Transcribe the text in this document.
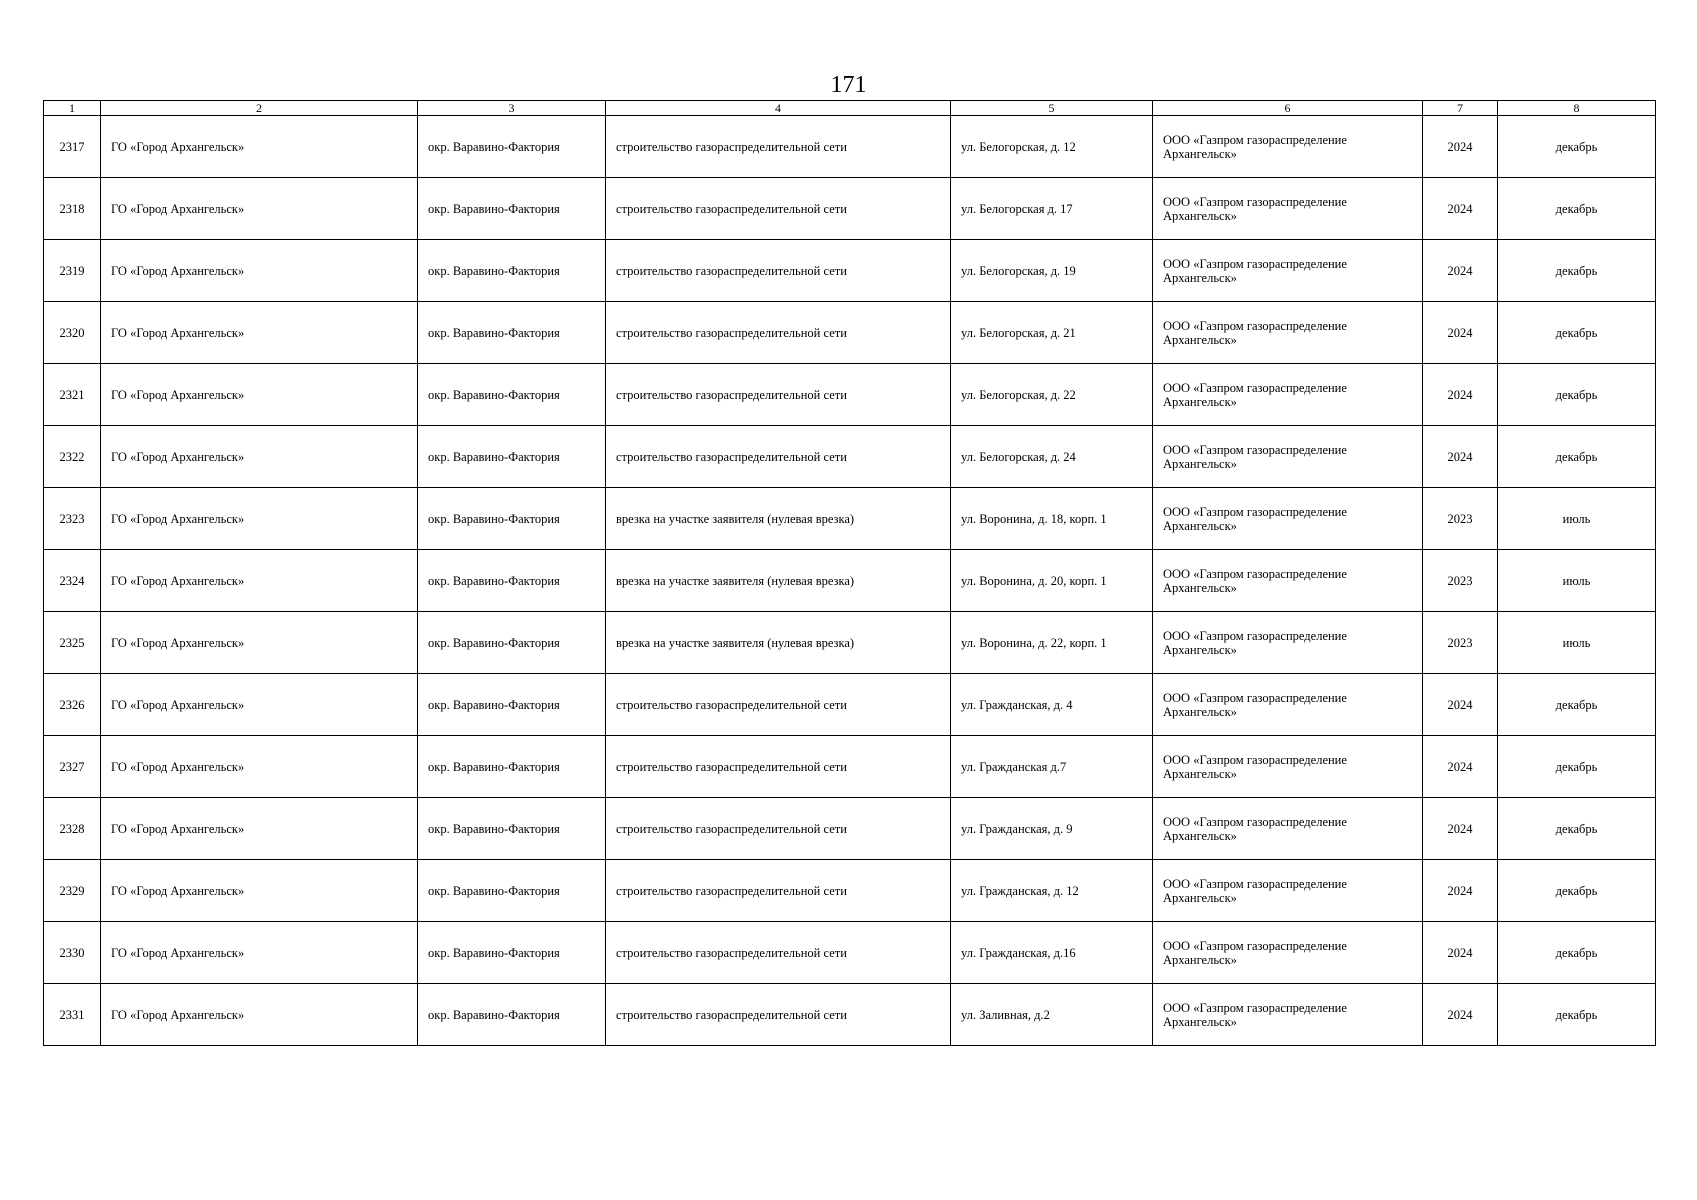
171
1	2	3	4	5	6	7	8
2317	ГО «Город Архангельск»	окр. Варавино-Фактория	строительство газораспределительной сети	ул. Белогорская, д. 12	ООО «Газпром газораспределение Архангельск»	2024	декабрь
2318	ГО «Город Архангельск»	окр. Варавино-Фактория	строительство газораспределительной сети	ул. Белогорская д. 17	ООО «Газпром газораспределение Архангельск»	2024	декабрь
2319	ГО «Город Архангельск»	окр. Варавино-Фактория	строительство газораспределительной сети	ул. Белогорская, д. 19	ООО «Газпром газораспределение Архангельск»	2024	декабрь
2320	ГО «Город Архангельск»	окр. Варавино-Фактория	строительство газораспределительной сети	ул. Белогорская, д. 21	ООО «Газпром газораспределение Архангельск»	2024	декабрь
2321	ГО «Город Архангельск»	окр. Варавино-Фактория	строительство газораспределительной сети	ул. Белогорская, д. 22	ООО «Газпром газораспределение Архангельск»	2024	декабрь
2322	ГО «Город Архангельск»	окр. Варавино-Фактория	строительство газораспределительной сети	ул. Белогорская, д. 24	ООО «Газпром газораспределение Архангельск»	2024	декабрь
2323	ГО «Город Архангельск»	окр. Варавино-Фактория	врезка на участке заявителя (нулевая врезка)	ул. Воронина, д. 18, корп. 1	ООО «Газпром газораспределение Архангельск»	2023	июль
2324	ГО «Город Архангельск»	окр. Варавино-Фактория	врезка на участке заявителя (нулевая врезка)	ул. Воронина, д. 20, корп. 1	ООО «Газпром газораспределение Архангельск»	2023	июль
2325	ГО «Город Архангельск»	окр. Варавино-Фактория	врезка на участке заявителя (нулевая врезка)	ул. Воронина, д. 22, корп. 1	ООО «Газпром газораспределение Архангельск»	2023	июль
2326	ГО «Город Архангельск»	окр. Варавино-Фактория	строительство газораспределительной сети	ул. Гражданская, д. 4	ООО «Газпром газораспределение Архангельск»	2024	декабрь
2327	ГО «Город Архангельск»	окр. Варавино-Фактория	строительство газораспределительной сети	ул. Гражданская д.7	ООО «Газпром газораспределение Архангельск»	2024	декабрь
2328	ГО «Город Архангельск»	окр. Варавино-Фактория	строительство газораспределительной сети	ул. Гражданская, д. 9	ООО «Газпром газораспределение Архангельск»	2024	декабрь
2329	ГО «Город Архангельск»	окр. Варавино-Фактория	строительство газораспределительной сети	ул. Гражданская, д. 12	ООО «Газпром газораспределение Архангельск»	2024	декабрь
2330	ГО «Город Архангельск»	окр. Варавино-Фактория	строительство газораспределительной сети	ул. Гражданская, д.16	ООО «Газпром газораспределение Архангельск»	2024	декабрь
2331	ГО «Город Архангельск»	окр. Варавино-Фактория	строительство газораспределительной сети	ул. Заливная, д.2	ООО «Газпром газораспределение Архангельск»	2024	декабрь
